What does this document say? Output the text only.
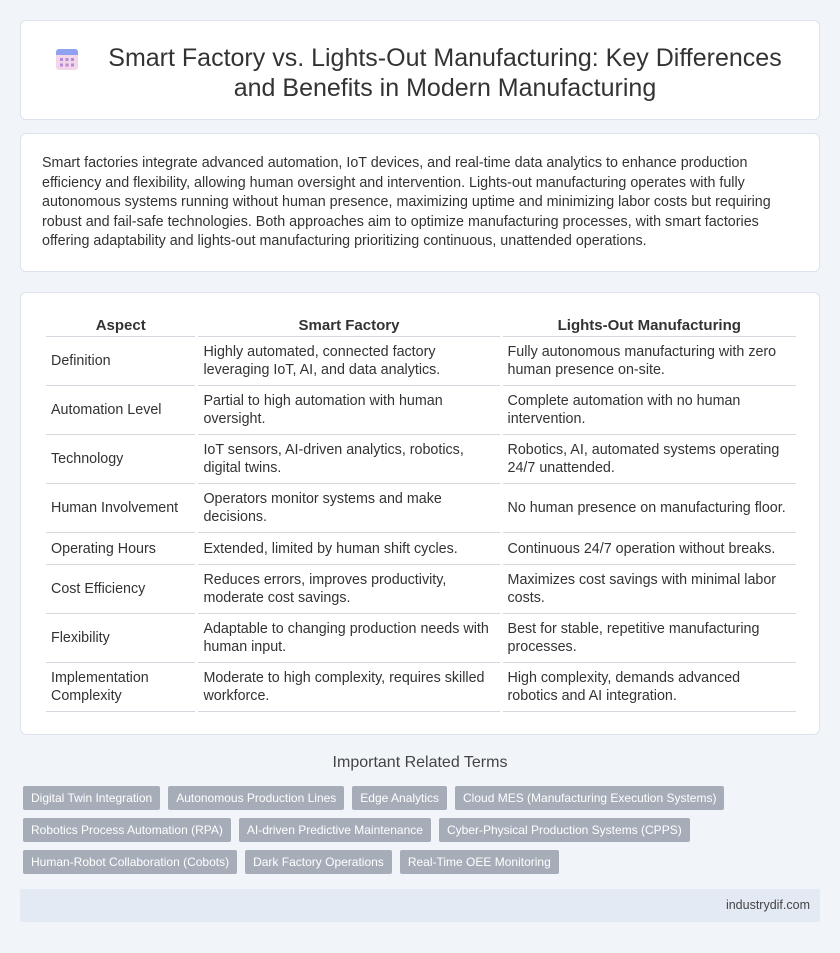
Smart Factory vs. Lights-Out Manufacturing: Key Differences and Benefits in Modern Manufacturing

Smart factories integrate advanced automation, IoT devices, and real-time data analytics to enhance production efficiency and flexibility, allowing human oversight and intervention. Lights-out manufacturing operates with fully autonomous systems running without human presence, maximizing uptime and minimizing labor costs but requiring robust and fail-safe technologies. Both approaches aim to optimize manufacturing processes, with smart factories offering adaptability and lights-out manufacturing prioritizing continuous, unattended operations.

Aspect	Smart Factory	Lights-Out Manufacturing
Definition	Highly automated, connected factory leveraging IoT, AI, and data analytics.	Fully autonomous manufacturing with zero human presence on-site.
Automation Level	Partial to high automation with human oversight.	Complete automation with no human intervention.
Technology	IoT sensors, AI-driven analytics, robotics, digital twins.	Robotics, AI, automated systems operating 24/7 unattended.
Human Involvement	Operators monitor systems and make decisions.	No human presence on manufacturing floor.
Operating Hours	Extended, limited by human shift cycles.	Continuous 24/7 operation without breaks.
Cost Efficiency	Reduces errors, improves productivity, moderate cost savings.	Maximizes cost savings with minimal labor costs.
Flexibility	Adaptable to changing production needs with human input.	Best for stable, repetitive manufacturing processes.
Implementation Complexity	Moderate to high complexity, requires skilled workforce.	High complexity, demands advanced robotics and AI integration.
Important Related Terms
Digital Twin Integration	Autonomous Production Lines	Edge Analytics	Cloud MES (Manufacturing Execution Systems)
Robotics Process Automation (RPA)	AI-driven Predictive Maintenance	Cyber-Physical Production Systems (CPPS)
Human-Robot Collaboration (Cobots)	Dark Factory Operations	Real-Time OEE Monitoring
industrydif.com
